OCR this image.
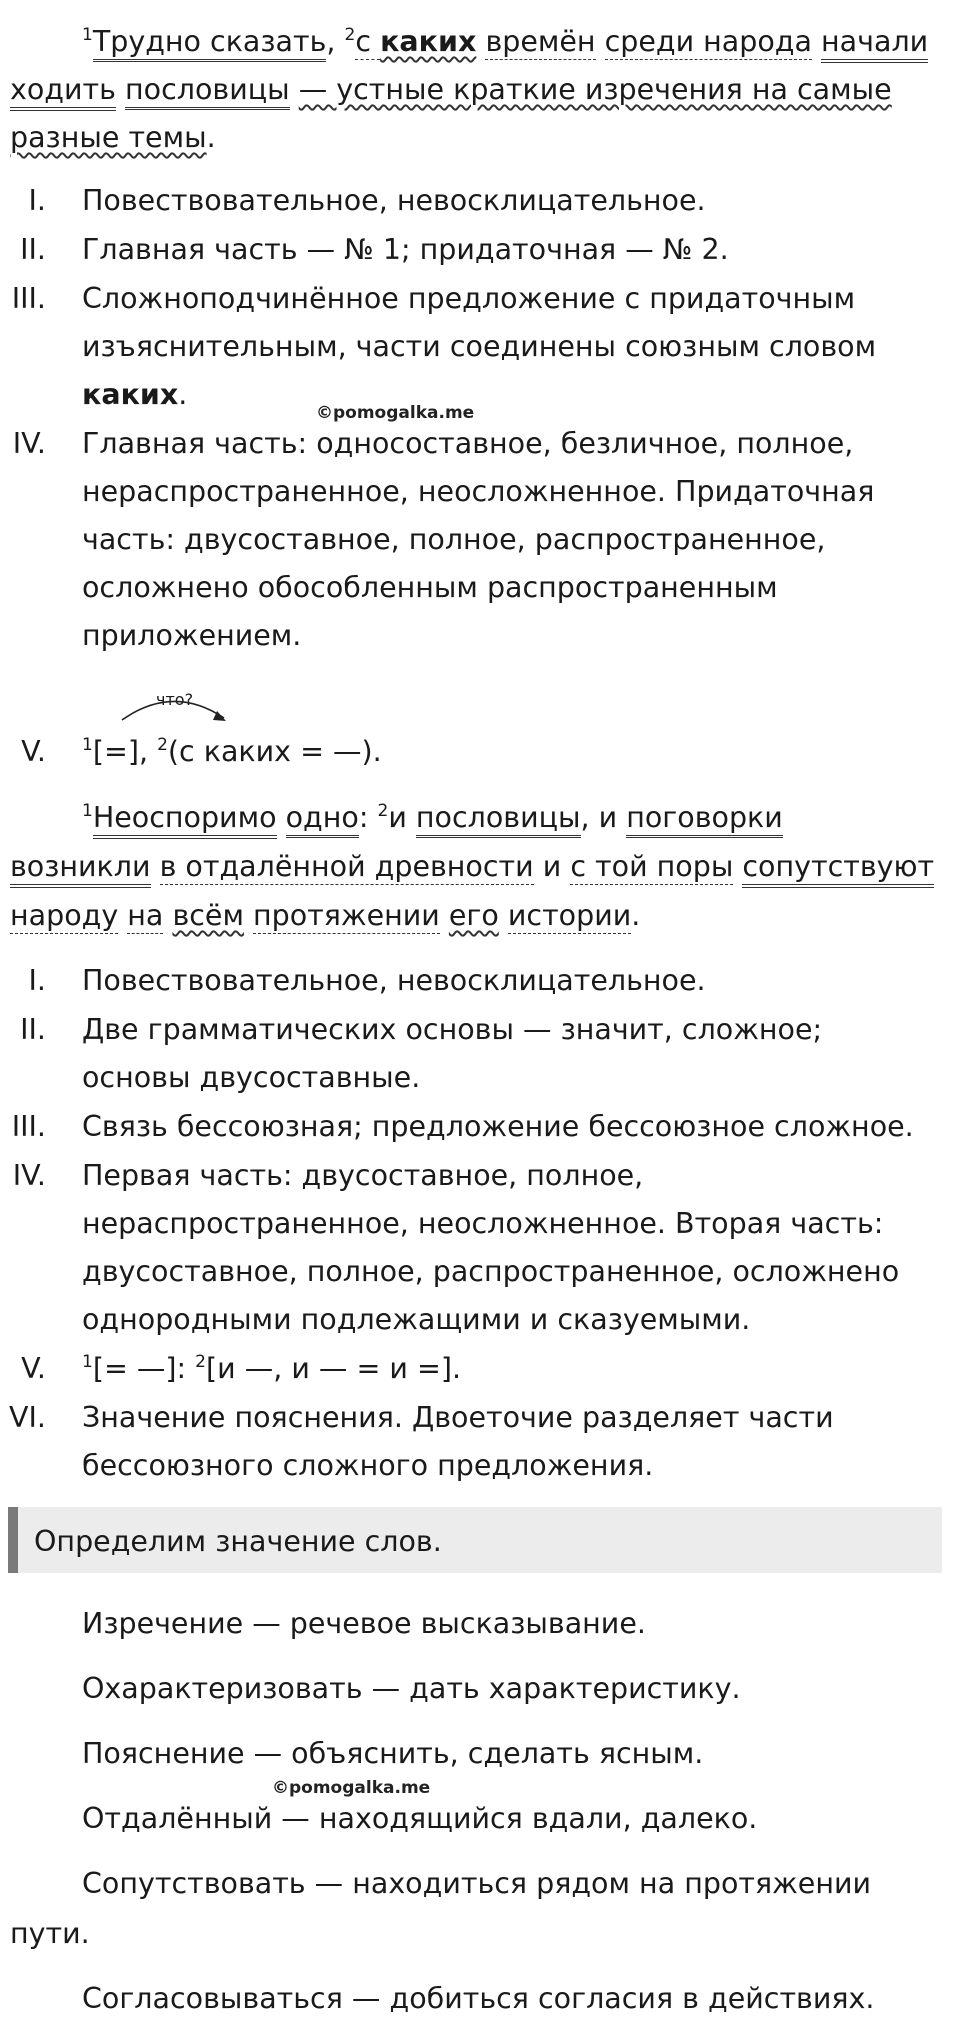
$^1$Трудно сказать, $^2$с каких времён среди народа начали
ходить пословицы — устные краткие изречения на самые
разные темы.
I. Повествовательное, невосклицательное.
II. Главная часть — № 1; придаточная — № 2.
III. Сложноподчинённое предложение с придаточным
изъяснительным, части соединены союзным словом
каких.
IV. Главная часть: односоставное, безличное, полное,
нераспространенное, неосложненное. Придаточная
часть: двусоставное, полное, распространенное,
осложнено обособленным распространенным
приложением.
©pomogalka.me
что?
V. $^1$[=], $^2$(с каких = —).
$^1$Неоспоримо одно: $^2$и пословицы, и поговорки
возникли в отдалённой древности и с той поры сопутствуют
народу на всём протяжении его истории.
I. Повествовательное, невосклицательное.
II. Две грамматических основы — значит, сложное;
основы двусоставные.
III. Связь бессоюзная; предложение бессоюзное сложное.
IV. Первая часть: двусоставное, полное,
нераспространенное, неосложненное. Вторая часть:
двусоставное, полное, распространенное, осложнено
однородными подлежащими и сказуемыми.
V. $^1$[= —]: $^2$[и —, и — = и =].
VI. Значение пояснения. Двоеточие разделяет части
бессоюзного сложного предложения.
Определим значение слов.
Изречение — речевое высказывание.
Охарактеризовать — дать характеристику.
Пояснение — объяснить, сделать ясным.
Отдалённый — находящийся вдали, далеко.
Сопутствовать — находиться рядом на протяжении
пути.
Согласовываться — добиться согласия в действиях.
©pomogalka.me
